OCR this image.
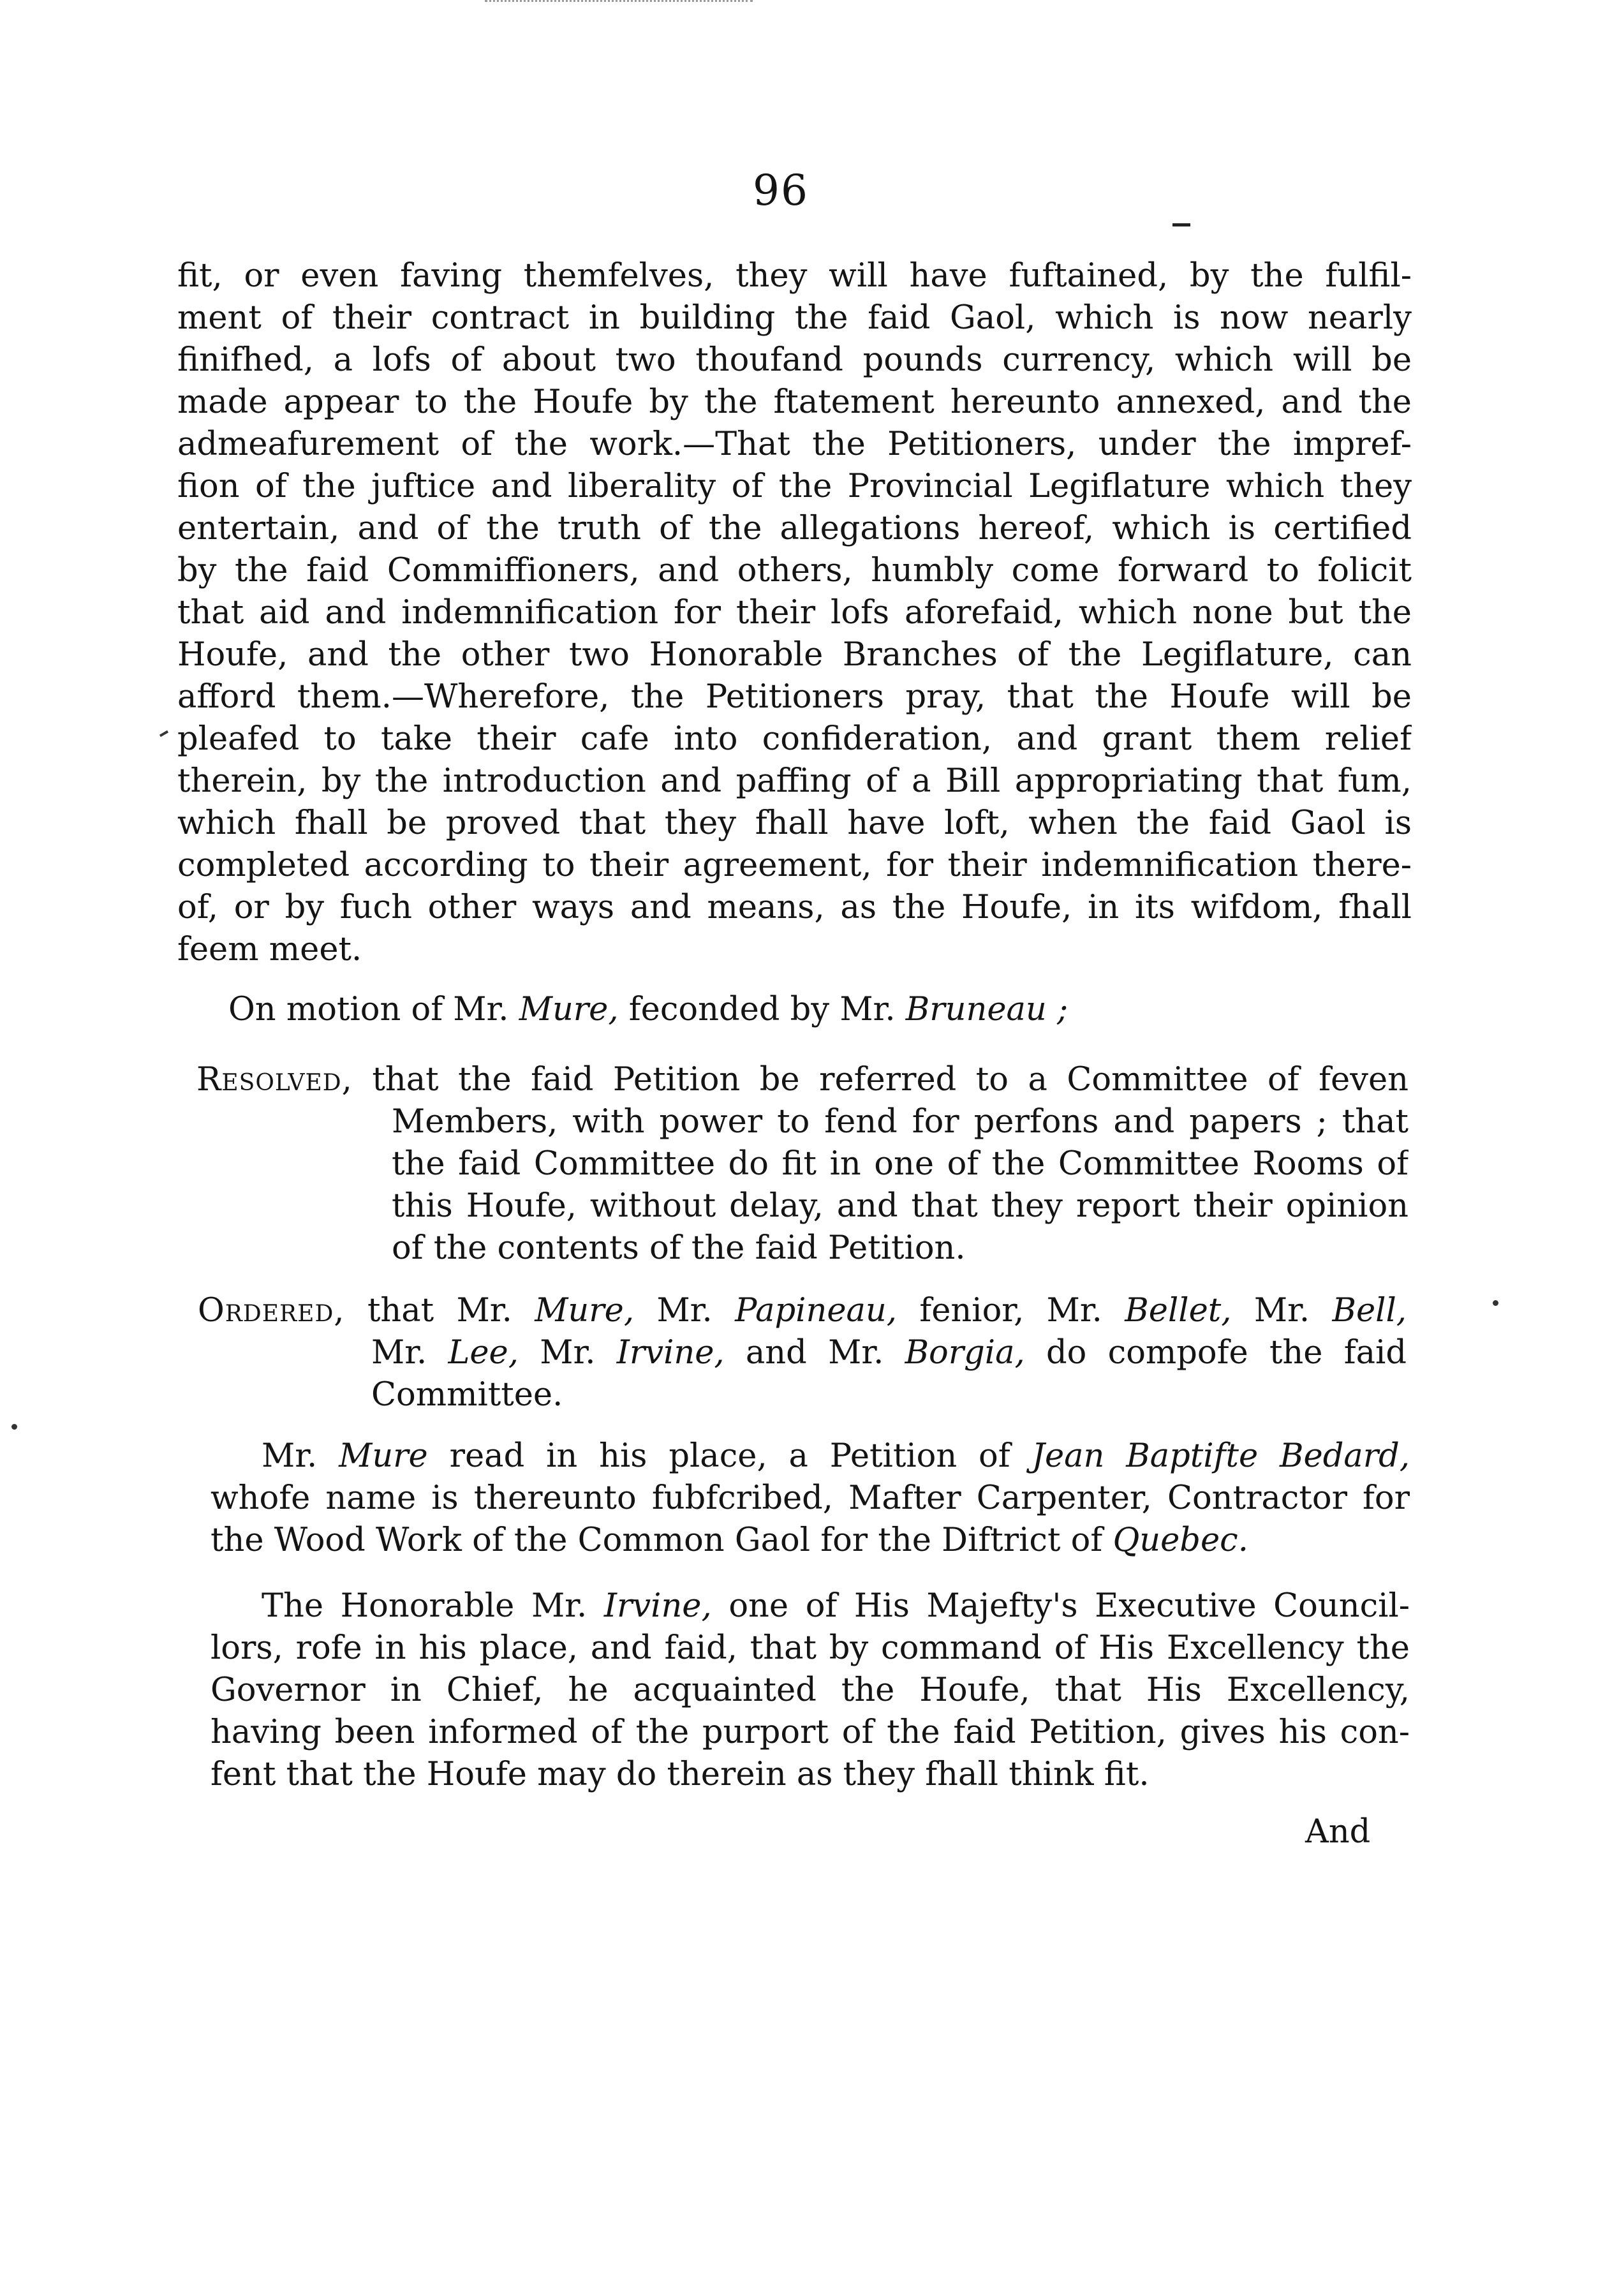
96
fit, or even faving themfelves, they will have fuftained, by the fulfil-
ment of their contract in building the faid Gaol, which is now nearly
finifhed, a lofs of about two thoufand pounds currency, which will be
made appear to the Houfe by the ftatement hereunto annexed, and the
admeafurement of the work.—That the Petitioners, under the impref-
fion of the juftice and liberality of the Provincial Legiflature which they
entertain, and of the truth of the allegations hereof, which is certified
by the faid Commiffioners, and others, humbly come forward to folicit
that aid and indemnification for their lofs aforefaid, which none but the
Houfe, and the other two Honorable Branches of the Legiflature, can
afford them.—Wherefore, the Petitioners pray, that the Houfe will be
pleafed to take their cafe into confideration, and grant them relief
therein, by the introduction and paffing of a Bill appropriating that fum,
which fhall be proved that they fhall have loft, when the faid Gaol is
completed according to their agreement, for their indemnification there-
of, or by fuch other ways and means, as the Houfe, in its wifdom, fhall
feem meet.
On motion of Mr. Mure, feconded by Mr. Bruneau ;
Resolved, that the faid Petition be referred to a Committee of feven
Members, with power to fend for perfons and papers ; that
the faid Committee do fit in one of the Committee Rooms of
this Houfe, without delay, and that they report their opinion
of the contents of the faid Petition.
Ordered, that Mr. Mure, Mr. Papineau, fenior, Mr. Bellet, Mr. Bell,
Mr. Lee, Mr. Irvine, and Mr. Borgia, do compofe the faid
Committee.
Mr. Mure read in his place, a Petition of Jean Baptifte Bedard,
whofe name is thereunto fubfcribed, Mafter Carpenter, Contractor for
the Wood Work of the Common Gaol for the Diftrict of Quebec.
The Honorable Mr. Irvine, one of His Majefty's Executive Council-
lors, rofe in his place, and faid, that by command of His Excellency the
Governor in Chief, he acquainted the Houfe, that His Excellency,
having been informed of the purport of the faid Petition, gives his con-
fent that the Houfe may do therein as they fhall think fit.
And
